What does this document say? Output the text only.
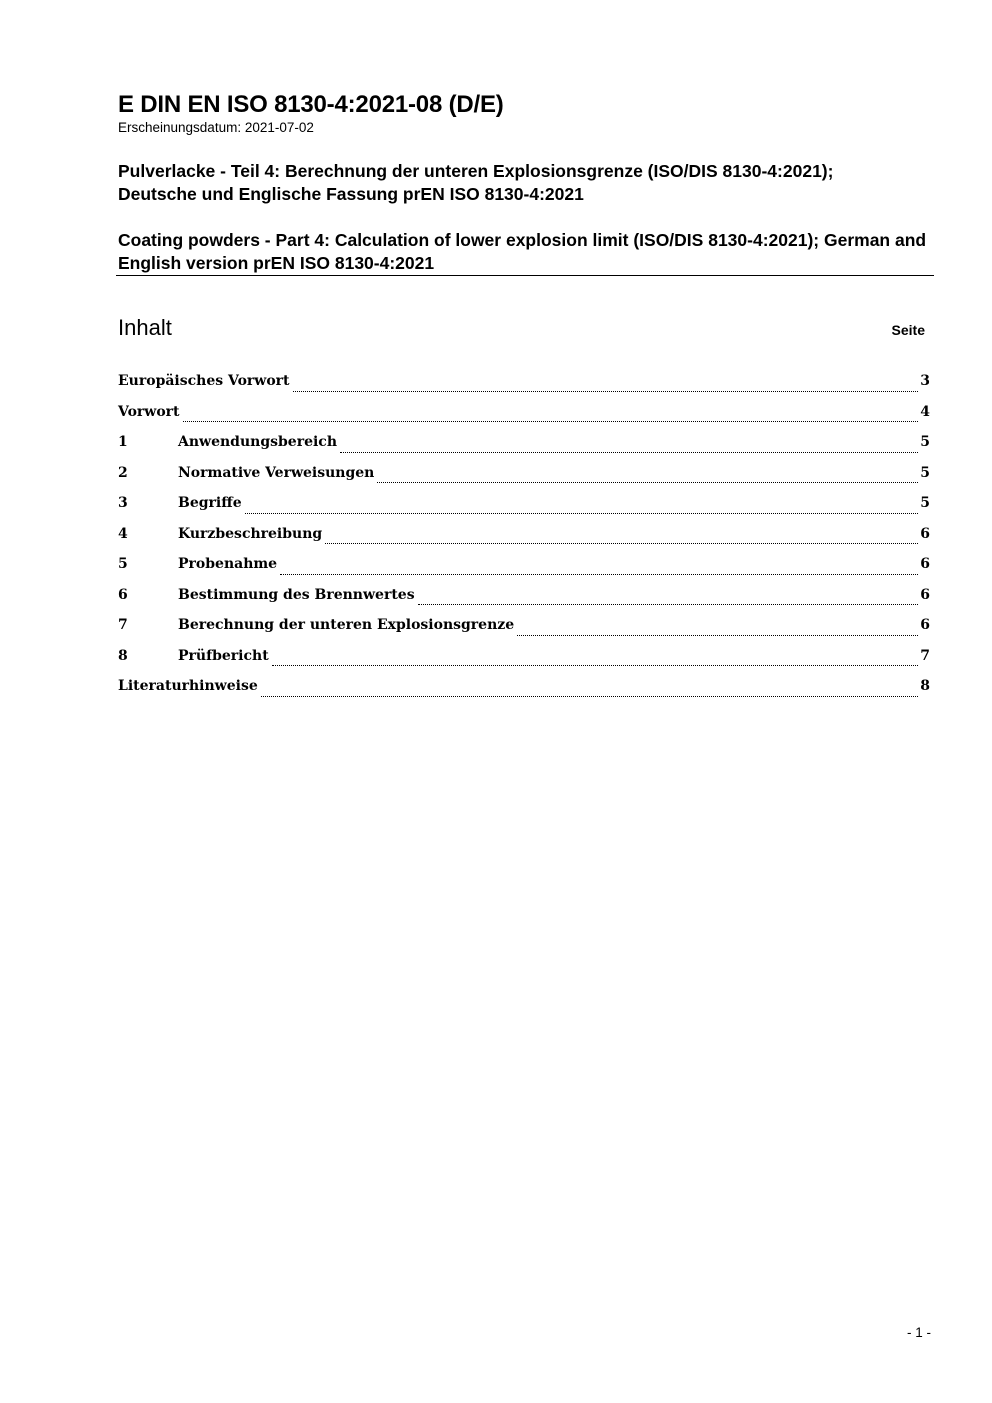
E DIN EN ISO 8130-4:2021-08 (D/E)
Erscheinungsdatum: 2021-07-02
Pulverlacke - Teil 4: Berechnung der unteren Explosionsgrenze (ISO/DIS 8130-4:2021); Deutsche und Englische Fassung prEN ISO 8130-4:2021
Coating powders - Part 4: Calculation of lower explosion limit (ISO/DIS 8130-4:2021); German and English version prEN ISO 8130-4:2021
Inhalt	Seite
Europäisches Vorwort	3
Vorwort	4
1	Anwendungsbereich	5
2	Normative Verweisungen	5
3	Begriffe	5
4	Kurzbeschreibung	6
5	Probenahme	6
6	Bestimmung des Brennwertes	6
7	Berechnung der unteren Explosionsgrenze	6
8	Prüfbericht	7
Literaturhinweise	8
- 1 -
